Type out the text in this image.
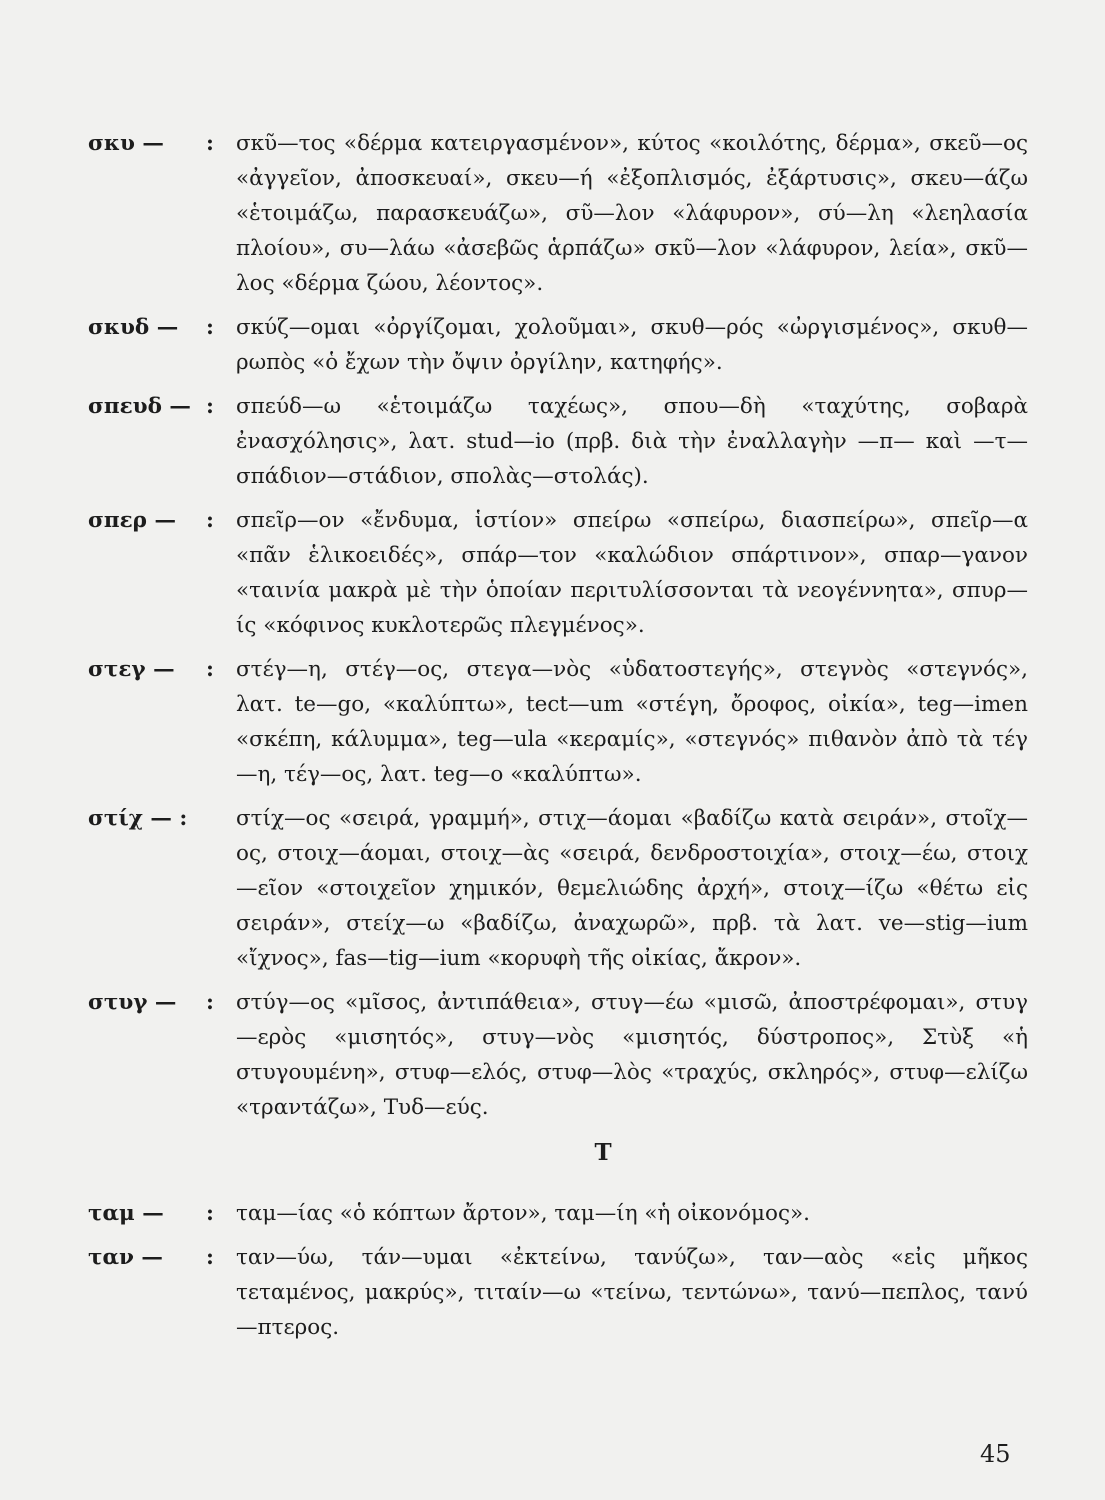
σκυ —	: σκῦ—τος «δέρμα κατειργασμένον», κύτος «κοιλότης, δέρμα», σκεῦ—ος «ἀγγεῖον, ἀποσκευαί», σκευ—ή «ἐξοπλισμός, ἐξάρτυσις», σκευ—άζω «ἑτοιμάζω, παρασκευάζω», σῦ—λον «λάφυρον», σύ—λη «λεηλασία πλοίου», συ—λάω «ἀσεβῶς ἁρπάζω» σκῦ—λον «λάφυρον, λεία», σκῦ—λος «δέρμα ζώου, λέοντος».
σκυδ —	: σκύζ—ομαι «ὀργίζομαι, χολοῦμαι», σκυθ—ρός «ὠργισμένος», σκυθ—ρωπὸς «ὁ ἔχων τὴν ὄψιν ὀργίλην, κατηφής».
σπευδ — : σπεύδ—ω «ἑτοιμάζω ταχέως», σπου—δὴ «ταχύτης, σοβαρὰ ἐνασχόλησις», λατ. stud—io (πρβ. διὰ τὴν ἐναλλαγὴν —π— καὶ —τ— σπάδιον—στάδιον, σπολὰς—στολάς).
σπερ —	: σπεῖρ—ον «ἔνδυμα, ἱστίον» σπείρω «σπείρω, διασπείρω», σπεῖρ—α «πᾶν ἑλικοειδές», σπάρ—τον «καλώδιον σπάρτινον», σπαρ—γανον «ταινία μακρὰ μὲ τὴν ὁποίαν περιτυλίσσονται τὰ νεογέννητα», σπυρ—ίς «κόφινος κυκλοτερῶς πλεγμένος».
στεγ —	: στέγ—η, στέγ—ος, στεγα—νὸς «ὑδατοστεγής», στεγνὸς «στεγνός», λατ. te—go, «καλύπτω», tect—um «στέγη, ὄροφος, οἰκία», teg—imen «σκέπη, κάλυμμα», teg—ula «κεραμίς», «στεγνός» πιθανὸν ἀπὸ τὰ τέγ—η, τέγ—ος, λατ. teg—o «καλύπτω».
στίχ — :	στίχ—ος «σειρά, γραμμή», στιχ—άομαι «βαδίζω κατὰ σειράν», στοῖχ—ος, στοιχ—άομαι, στοιχ—ὰς «σειρά, δενδροστοιχία», στοιχ—έω, στοιχ—εῖον «στοιχεῖον χημικόν, θεμελιώδης ἀρχή», στοιχ—ίζω «θέτω εἰς σειράν», στείχ—ω «βαδίζω, ἀναχωρῶ», πρβ. τὰ λατ. ve—stig—ium «ἴχνος», fas—tig—ium «κορυφὴ τῆς οἰκίας, ἄκρον».
στυγ —	: στύγ—ος «μῖσος, ἀντιπάθεια», στυγ—έω «μισῶ, ἀποστρέφομαι», στυγ—ερὸς «μισητός», στυγ—νὸς «μισητός, δύστροπος», Στὺξ «ἡ στυγουμένη», στυφ—ελός, στυφ—λὸς «τραχύς, σκληρός», στυφ—ελίζω «τραντάζω», Τυδ—εύς.
Τ
ταμ —	: ταμ—ίας «ὁ κόπτων ἄρτον», ταμ—ίη «ἡ οἰκονόμος».
ταν —	: ταν—ύω, τάν—υμαι «ἐκτείνω, τανύζω», ταν—αὸς «εἰς μῆκος τεταμένος, μακρύς», τιταίν—ω «τείνω, τεντώνω», τανύ—πεπλος, τανύ—πτερος.
45
